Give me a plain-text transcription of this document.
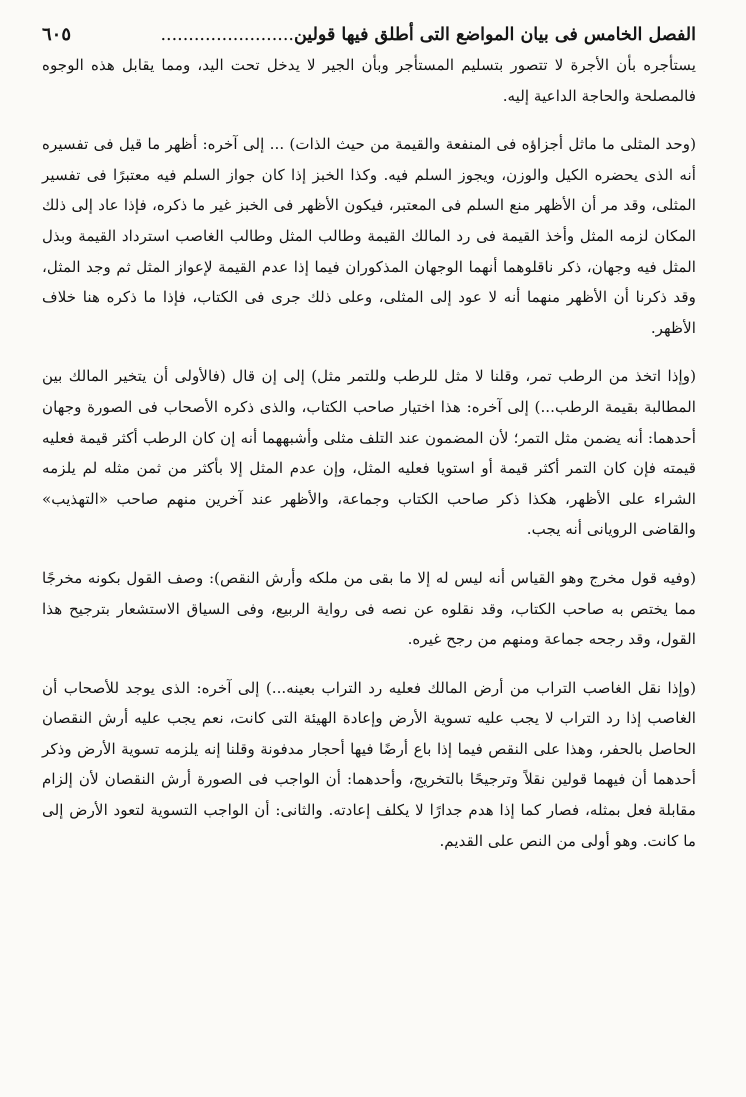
الفصل الخامس فى بيان المواضع التى أطلق فيها قولين........................
٦٠٥

يستأجره بأن الأجرة لا تتصور بتسليم المستأجر وبأن الجير لا يدخل تحت اليد، ومما يقابل هذه الوجوه فالمصلحة والحاجة الداعية إليه.

(وحد المثلى ما ماثل أجزاؤه فى المنفعة والقيمة من حيث الذات) ... إلى آخره: أظهر ما قيل فى تفسيره أنه الذى يحضره الكيل والوزن، ويجوز السلم فيه. وكذا الخبز إذا كان جواز السلم فيه معتبرًا فى تفسير المثلى، وقد مر أن الأظهر منع السلم فى المعتبر، فيكون الأظهر فى الخبز غير ما ذكره، فإذا عاد إلى ذلك المكان لزمه المثل وأخذ القيمة فى رد المالك القيمة وطالب المثل وطالب الغاصب استرداد القيمة وبذل المثل فيه وجهان، ذكر ناقلوهما أنهما الوجهان المذكوران فيما إذا عدم القيمة لإعواز المثل ثم وجد المثل، وقد ذكرنا أن الأظهر منهما أنه لا عود إلى المثلى، وعلى ذلك جرى فى الكتاب، فإذا ما ذكره هنا خلاف الأظهر.

(وإذا اتخذ من الرطب تمر، وقلنا لا مثل للرطب وللتمر مثل) إلى إن قال (فالأولى أن يتخير المالك بين المطالبة بقيمة الرطب...) إلى آخره: هذا اختيار صاحب الكتاب، والذى ذكره الأصحاب فى الصورة وجهان أحدهما: أنه يضمن مثل التمر؛ لأن المضمون عند التلف مثلى وأشبههما أنه إن كان الرطب أكثر قيمة فعليه قيمته فإن كان التمر أكثر قيمة أو استويا فعليه المثل، وإن عدم المثل إلا بأكثر من ثمن مثله لم يلزمه الشراء على الأظهر، هكذا ذكر صاحب الكتاب وجماعة، والأظهر عند آخرين منهم صاحب «التهذيب» والقاضى الرويانى أنه يجب.

(وفيه قول مخرج وهو القياس أنه ليس له إلا ما بقى من ملكه وأرش النقص): وصف القول بكونه مخرجًا مما يختص به صاحب الكتاب، وقد نقلوه عن نصه فى رواية الربيع، وفى السياق الاستشعار بترجيح هذا القول، وقد رجحه جماعة ومنهم من رجح غيره.

(وإذا نقل الغاصب التراب من أرض المالك فعليه رد التراب بعينه...) إلى آخره: الذى يوجد للأصحاب أن الغاصب إذا رد التراب لا يجب عليه تسوية الأرض وإعادة الهيئة التى كانت، نعم يجب عليه أرش النقصان الحاصل بالحفر، وهذا على النقص فيما إذا باع أرضًا فيها أحجار مدفونة وقلنا إنه يلزمه تسوية الأرض وذكر أحدهما أن فيهما قولين نقلاً وترجيحًا بالتخريج، وأحدهما: أن الواجب فى الصورة أرش النقصان لأن إلزام مقابلة فعل بمثله، فصار كما إذا هدم جدارًا لا يكلف إعادته. والثانى: أن الواجب التسوية لتعود الأرض إلى ما كانت. وهو أولى من النص على القديم.
